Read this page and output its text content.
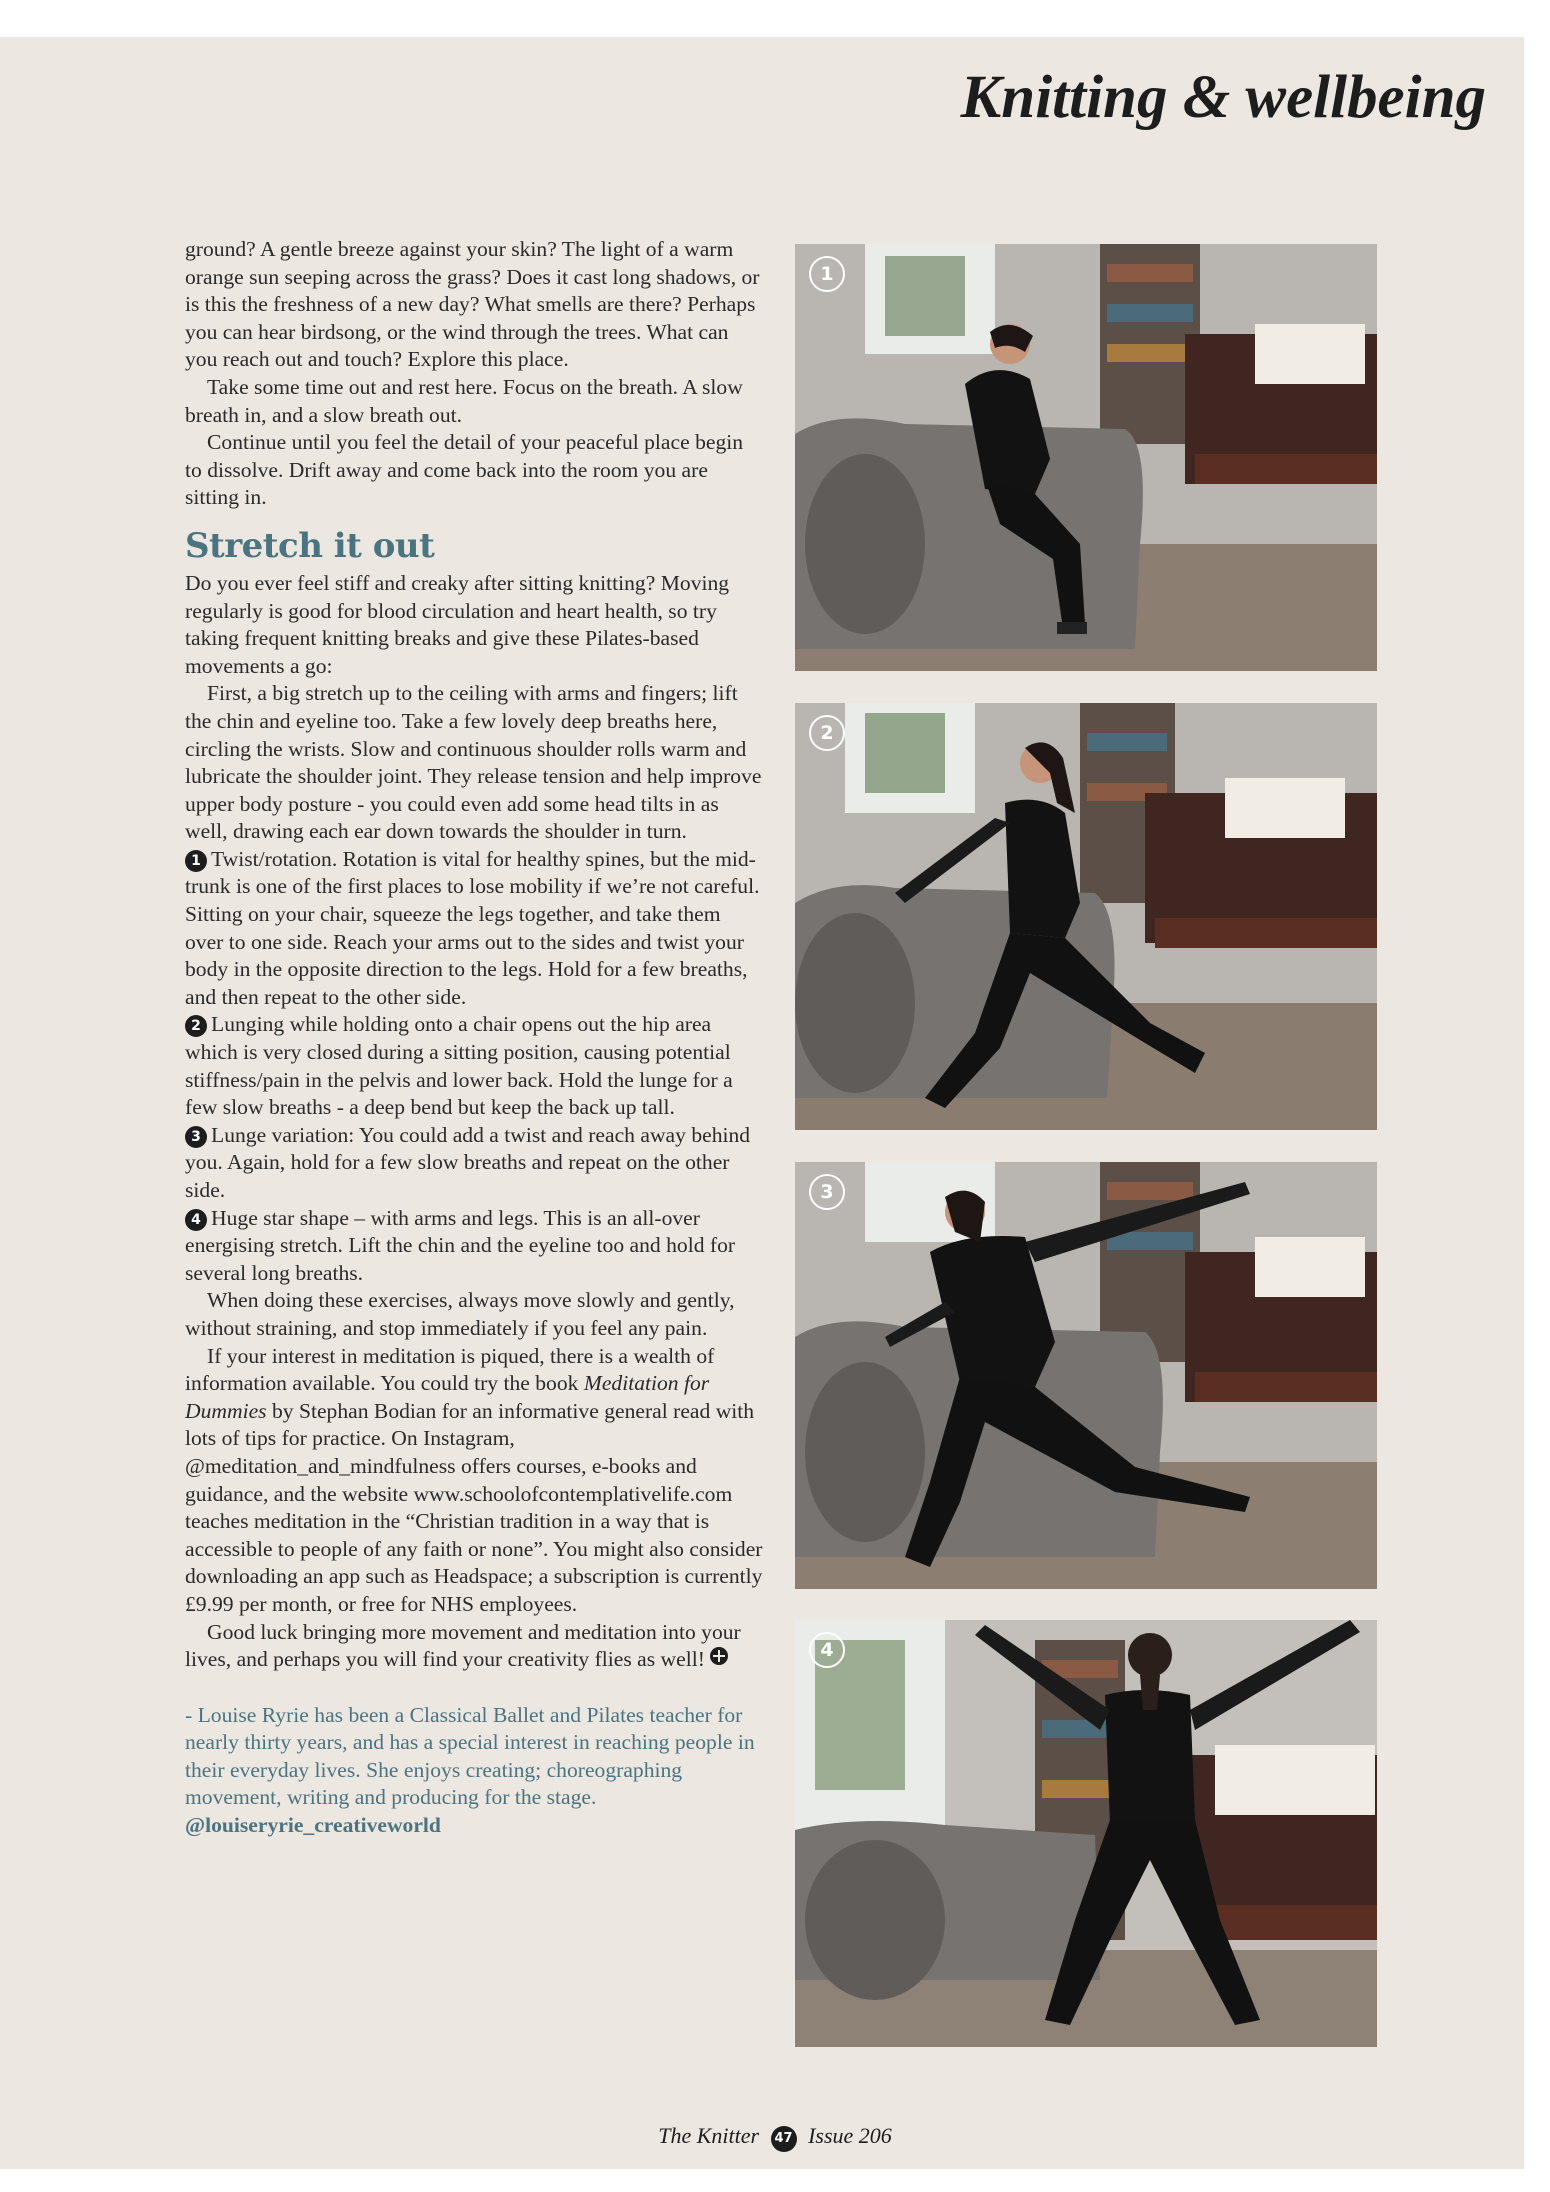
Knitting & wellbeing

ground? A gentle breeze against your skin? The light of a warm orange sun seeping across the grass? Does it cast long shadows, or is this the freshness of a new day? What smells are there? Perhaps you can hear birdsong, or the wind through the trees. What can you reach out and touch? Explore this place.

Take some time out and rest here. Focus on the breath. A slow breath in, and a slow breath out.

Continue until you feel the detail of your peaceful place begin to dissolve. Drift away and come back into the room you are sitting in.

Stretch it out

Do you ever feel stiff and creaky after sitting knitting? Moving regularly is good for blood circulation and heart health, so try taking frequent knitting breaks and give these Pilates-based movements a go:

First, a big stretch up to the ceiling with arms and fingers; lift the chin and eyeline too. Take a few lovely deep breaths here, circling the wrists. Slow and continuous shoulder rolls warm and lubricate the shoulder joint. They release tension and help improve upper body posture - you could even add some head tilts in as well, drawing each ear down towards the shoulder in turn.

1 Twist/rotation. Rotation is vital for healthy spines, but the mid-trunk is one of the first places to lose mobility if we’re not careful. Sitting on your chair, squeeze the legs together, and take them over to one side. Reach your arms out to the sides and twist your body in the opposite direction to the legs. Hold for a few breaths, and then repeat to the other side.

2 Lunging while holding onto a chair opens out the hip area which is very closed during a sitting position, causing potential stiffness/pain in the pelvis and lower back. Hold the lunge for a few slow breaths - a deep bend but keep the back up tall.

3 Lunge variation: You could add a twist and reach away behind you. Again, hold for a few slow breaths and repeat on the other side.

4 Huge star shape – with arms and legs. This is an all-over energising stretch. Lift the chin and the eyeline too and hold for several long breaths.

When doing these exercises, always move slowly and gently, without straining, and stop immediately if you feel any pain.

If your interest in meditation is piqued, there is a wealth of information available. You could try the book Meditation for Dummies by Stephan Bodian for an informative general read with lots of tips for practice. On Instagram, @meditation_and_mindfulness offers courses, e-books and guidance, and the website www.schoolofcontemplativelife.com teaches meditation in the “Christian tradition in a way that is accessible to people of any faith or none”. You might also consider downloading an app such as Headspace; a subscription is currently £9.99 per month, or free for NHS employees.

Good luck bringing more movement and meditation into your lives, and perhaps you will find your creativity flies as well!

- Louise Ryrie has been a Classical Ballet and Pilates teacher for nearly thirty years, and has a special interest in reaching people in their everyday lives. She enjoys creating; choreographing movement, writing and producing for the stage. @louiseryrie_creativeworld

1
2
3
4
The Knitter 47 Issue 206
